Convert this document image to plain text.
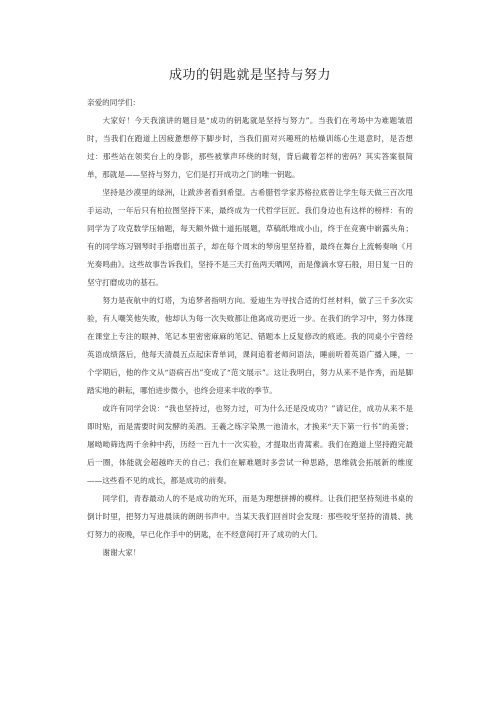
成功的钥匙就是坚持与努力

亲爱的同学们：

大家好！今天我演讲的题目是“成功的钥匙就是坚持与努力”。当我们在考场中为难题皱眉时，当我们在跑道上因疲惫想停下脚步时，当我们面对兴趣班的枯燥训练心生退意时，是否想过：那些站在领奖台上的身影，那些被掌声环绕的时刻，背后藏着怎样的密码？其实答案很简单，那就是——坚持与努力，它们是打开成功之门的唯一钥匙。

坚持是沙漠里的绿洲，让跋涉者看到希望。古希腊哲学家苏格拉底曾让学生每天做三百次甩手运动，一年后只有柏拉图坚持下来，最终成为一代哲学巨匠。我们身边也有这样的榜样：有的同学为了攻克数学压轴题，每天额外做十道拓展题，草稿纸堆成小山，终于在竞赛中崭露头角；有的同学练习钢琴时手指磨出茧子，却在每个周末的琴房里坚持着，最终在舞台上流畅奏响《月光奏鸣曲》。这些故事告诉我们，坚持不是三天打鱼两天晒网，而是像滴水穿石般，用日复一日的坚守打磨成功的基石。

努力是夜航中的灯塔，为追梦者指明方向。爱迪生为寻找合适的灯丝材料，做了三千多次实验，有人嘲笑他失败，他却认为每一次失败都让他离成功更近一步。在我们的学习中，努力体现在课堂上专注的眼神、笔记本里密密麻麻的笔记、错题本上反复修改的痕迹。我的同桌小宇曾经英语成绩落后，他每天清晨五点起床背单词，课间追着老师问语法，睡前听着英语广播入睡，一个学期后，他的作文从“语病百出”变成了“范文展示”。这让我明白，努力从来不是作秀，而是脚踏实地的耕耘，哪怕进步微小，也终会迎来丰收的季节。

或许有同学会说：“我也坚持过，也努力过，可为什么还是没成功？”请记住，成功从来不是即时贴，而是需要时间发酵的美酒。王羲之练字染黑一池清水，才换来“天下第一行书”的美誉；屠呦呦筛选两千余种中药，历经一百九十一次实验，才提取出青蒿素。我们在跑道上坚持跑完最后一圈，体能就会超越昨天的自己；我们在解难题时多尝试一种思路，思维就会拓展新的维度——这些看不见的成长，都是成功的前奏。

同学们，青春最动人的不是成功的光环，而是为理想拼搏的模样。让我们把坚持刻进书桌的倒计时里，把努力写进晨读的朗朗书声中。当某天我们回首时会发现：那些咬牙坚持的清晨、挑灯努力的夜晚，早已化作手中的钥匙，在不经意间打开了成功的大门。

谢谢大家！
